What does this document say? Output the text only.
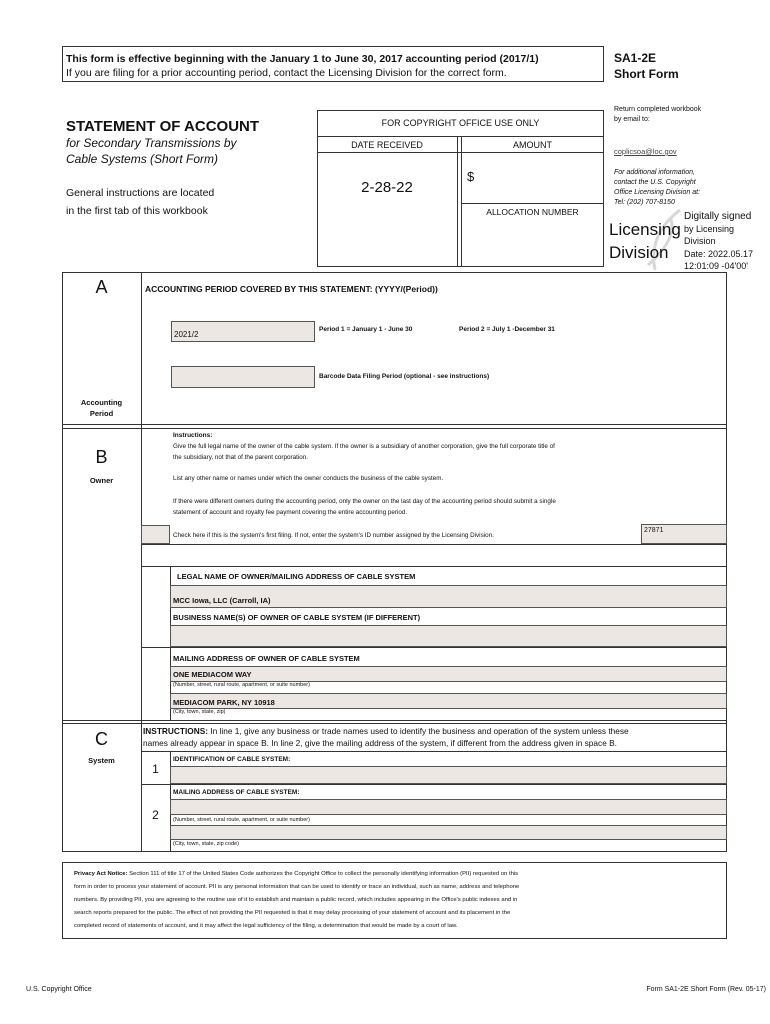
This form is effective beginning with the January 1 to June 30, 2017 accounting period (2017/1)
If you are filing for a prior accounting period, contact the Licensing Division for the correct form.
SA1-2E
Short Form
STATEMENT OF ACCOUNT
for Secondary Transmissions by
Cable Systems (Short Form)
General instructions are located
in the first tab of this workbook
FOR COPYRIGHT OFFICE USE ONLY
DATE RECEIVED	AMOUNT
2-28-22
$
ALLOCATION NUMBER
Return completed workbook
by email to:
coplicsoa@loc.gov
For additional information,
contact the U.S. Copyright
Office Licensing Division at:
Tel: (202) 707-8150
Licensing
Division
Digitally signed
by Licensing
Division
Date: 2022.05.17
12:01:09 -04'00'
A
Accounting
Period
ACCOUNTING PERIOD COVERED BY THIS STATEMENT: (YYYY/(Period))
2021/2
Period 1 = January 1 - June 30	Period 2 = July 1 -December 31
Barcode Data Filing Period (optional - see instructions)
B
Owner
Instructions:
Give the full legal name of the owner of the cable system. If the owner is a subsidiary of another corporation, give the full corporate title of
the subsidiary, not that of the parent corporation.
List any other name or names under which the owner conducts the business of the cable system.
If there were different owners during the accounting period, only the owner on the last day of the accounting period should submit a single
statement of account and royalty fee payment covering the entire accounting period.
Check here if this is the system's first filing. If not, enter the system's ID number assigned by the Licensing Division.
27871
LEGAL NAME OF OWNER/MAILING ADDRESS OF CABLE SYSTEM
MCC Iowa, LLC (Carroll, IA)
BUSINESS NAME(S) OF OWNER OF CABLE SYSTEM (IF DIFFERENT)
MAILING ADDRESS OF OWNER OF CABLE SYSTEM
ONE MEDIACOM WAY
(Number, street, rural route, apartment, or suite number)
MEDIACOM PARK, NY 10918
(City, town, state, zip)
C
System
INSTRUCTIONS: In line 1, give any business or trade names used to identify the business and operation of the system unless these
names already appear in space B. In line 2, give the mailing address of the system, if different from the address given in space B.
1
IDENTIFICATION OF CABLE SYSTEM:
2
MAILING ADDRESS OF CABLE SYSTEM:
(Number, street, rural route, apartment, or suite number)
(City, town, state, zip code)
Privacy Act Notice: Section 111 of title 17 of the United States Code authorizes the Copyright Office to collect the personally identifying information (PII) requested on this
form in order to process your statement of account. PII is any personal information that can be used to identify or trace an individual, such as name, address and telephone
numbers. By providing PII, you are agreeing to the routine use of it to establish and maintain a public record, which includes appearing in the Office's public indexes and in
search reports prepared for the public. The effect of not providing the PII requested is that it may delay processing of your statement of account and its placement in the
completed record of statements of account, and it may affect the legal sufficiency of the filing, a determination that would be made by a court of law.
U.S. Copyright Office	Form SA1-2E Short Form (Rev. 05-17)
